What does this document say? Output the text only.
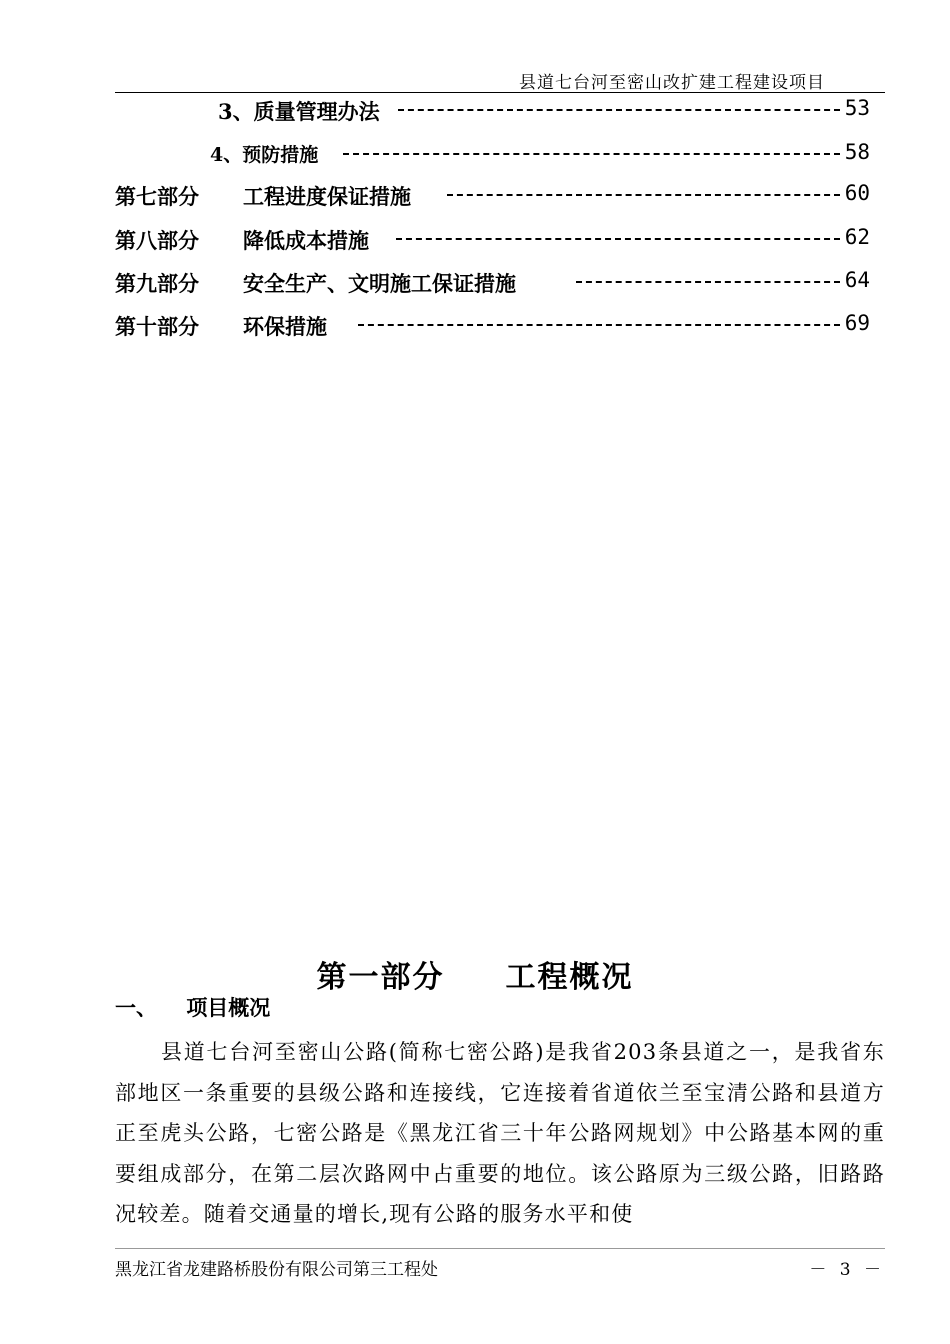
县道七台河至密山改扩建工程建设项目
3、质量管理办法	53
4、预防措施	58
第七部分 工程进度保证措施	60
第八部分 降低成本措施	62
第九部分 安全生产、文明施工保证措施	64
第十部分 环保措施	69
第一部分 工程概况
一、 项目概况
县道七台河至密山公路(简称七密公路)是我省203条县道之一，是我省东部地区一条重要的县级公路和连接线，它连接着省道依兰至宝清公路和县道方正至虎头公路，七密公路是《黑龙江省三十年公路网规划》中公路基本网的重要组成部分，在第二层次路网中占重要的地位。该公路原为三级公路，旧路路况较差。随着交通量的增长,现有公路的服务水平和使
黑龙江省龙建路桥股份有限公司第三工程处	－ 3 －
